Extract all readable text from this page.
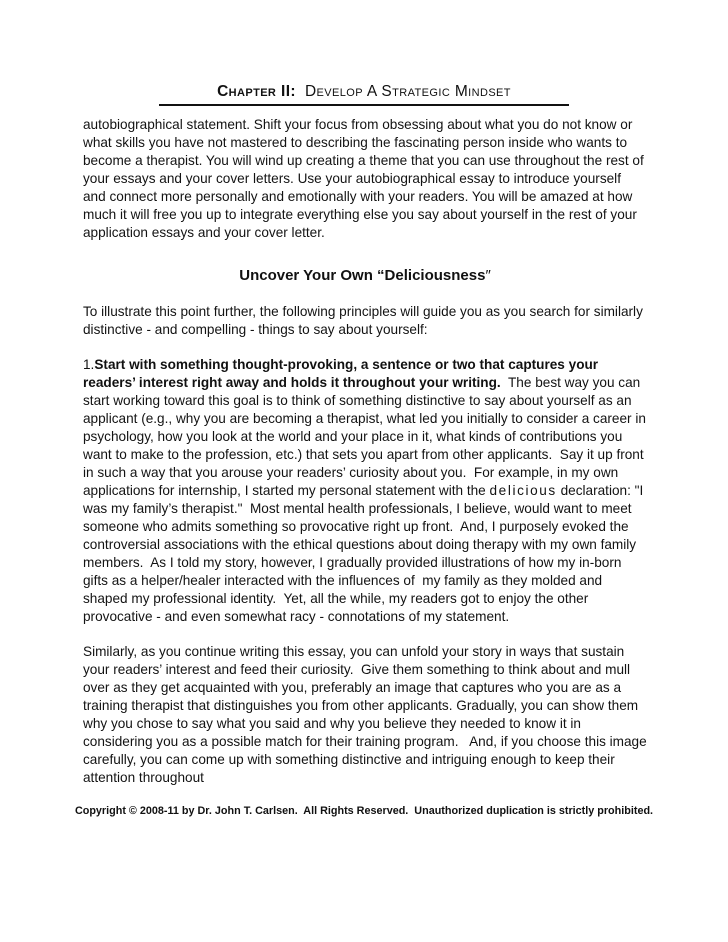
Chapter II: Develop A Strategic Mindset

autobiographical statement. Shift your focus from obsessing about what you do not know or what skills you have not mastered to describing the fascinating person inside who wants to become a therapist. You will wind up creating a theme that you can use throughout the rest of your essays and your cover letters. Use your autobiographical essay to introduce yourself and connect more personally and emotionally with your readers. You will be amazed at how much it will free you up to integrate everything else you say about yourself in the rest of your application essays and your cover letter.

Uncover Your Own “Deliciousness″

To illustrate this point further, the following principles will guide you as you search for similarly distinctive - and compelling - things to say about yourself:

1.Start with something thought-provoking, a sentence or two that captures your readers’ interest right away and holds it throughout your writing.  The best way you can start working toward this goal is to think of something distinctive to say about yourself as an applicant (e.g., why you are becoming a therapist, what led you initially to consider a career in psychology, how you look at the world and your place in it, what kinds of contributions you want to make to the profession, etc.) that sets you apart from other applicants.  Say it up front in such a way that you arouse your readers’ curiosity about you.  For example, in my own applications for internship, I started my personal statement with the delicious declaration: "I was my family’s therapist."  Most mental health professionals, I believe, would want to meet someone who admits something so provocative right up front.  And, I purposely evoked the controversial associations with the ethical questions about doing therapy with my own family members.  As I told my story, however, I gradually provided illustrations of how my in-born gifts as a helper/healer interacted with the influences of  my family as they molded and shaped my professional identity.  Yet, all the while, my readers got to enjoy the other provocative - and even somewhat racy - connotations of my statement.

Similarly, as you continue writing this essay, you can unfold your story in ways that sustain your readers’ interest and feed their curiosity.  Give them something to think about and mull over as they get acquainted with you, preferably an image that captures who you are as a training therapist that distinguishes you from other applicants. Gradually, you can show them why you chose to say what you said and why you believe they needed to know it in considering you as a possible match for their training program.   And, if you choose this image carefully, you can come up with something distinctive and intriguing enough to keep their attention throughout

Copyright © 2008-11 by Dr. John T. Carlsen.  All Rights Reserved.  Unauthorized duplication is strictly prohibited.
